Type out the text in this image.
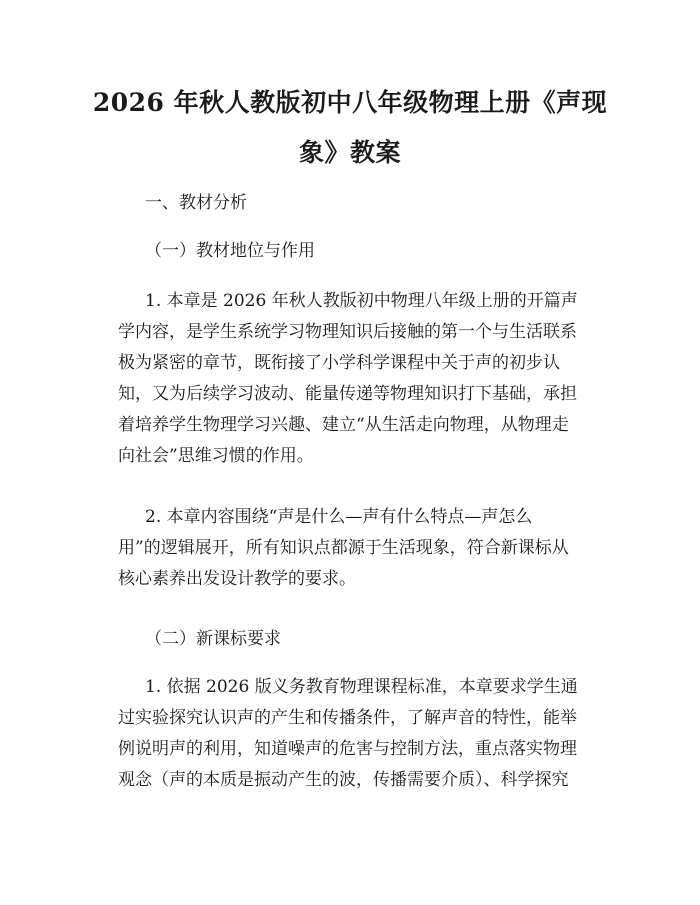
2026 年秋人教版初中八年级物理上册《声现
象》教案

一、教材分析

（一）教材地位与作用

1. 本章是 2026 年秋人教版初中物理八年级上册的开篇声
学内容，是学生系统学习物理知识后接触的第一个与生活联系
极为紧密的章节，既衔接了小学科学课程中关于声的初步认
知，又为后续学习波动、能量传递等物理知识打下基础，承担
着培养学生物理学习兴趣、建立“从生活走向物理，从物理走
向社会”思维习惯的作用。

2. 本章内容围绕“声是什么—声有什么特点—声怎么
用”的逻辑展开，所有知识点都源于生活现象，符合新课标从
核心素养出发设计教学的要求。

（二）新课标要求

1. 依据 2026 版义务教育物理课程标准，本章要求学生通
过实验探究认识声的产生和传播条件，了解声音的特性，能举
例说明声的利用，知道噪声的危害与控制方法，重点落实物理
观念（声的本质是振动产生的波，传播需要介质）、科学探究
